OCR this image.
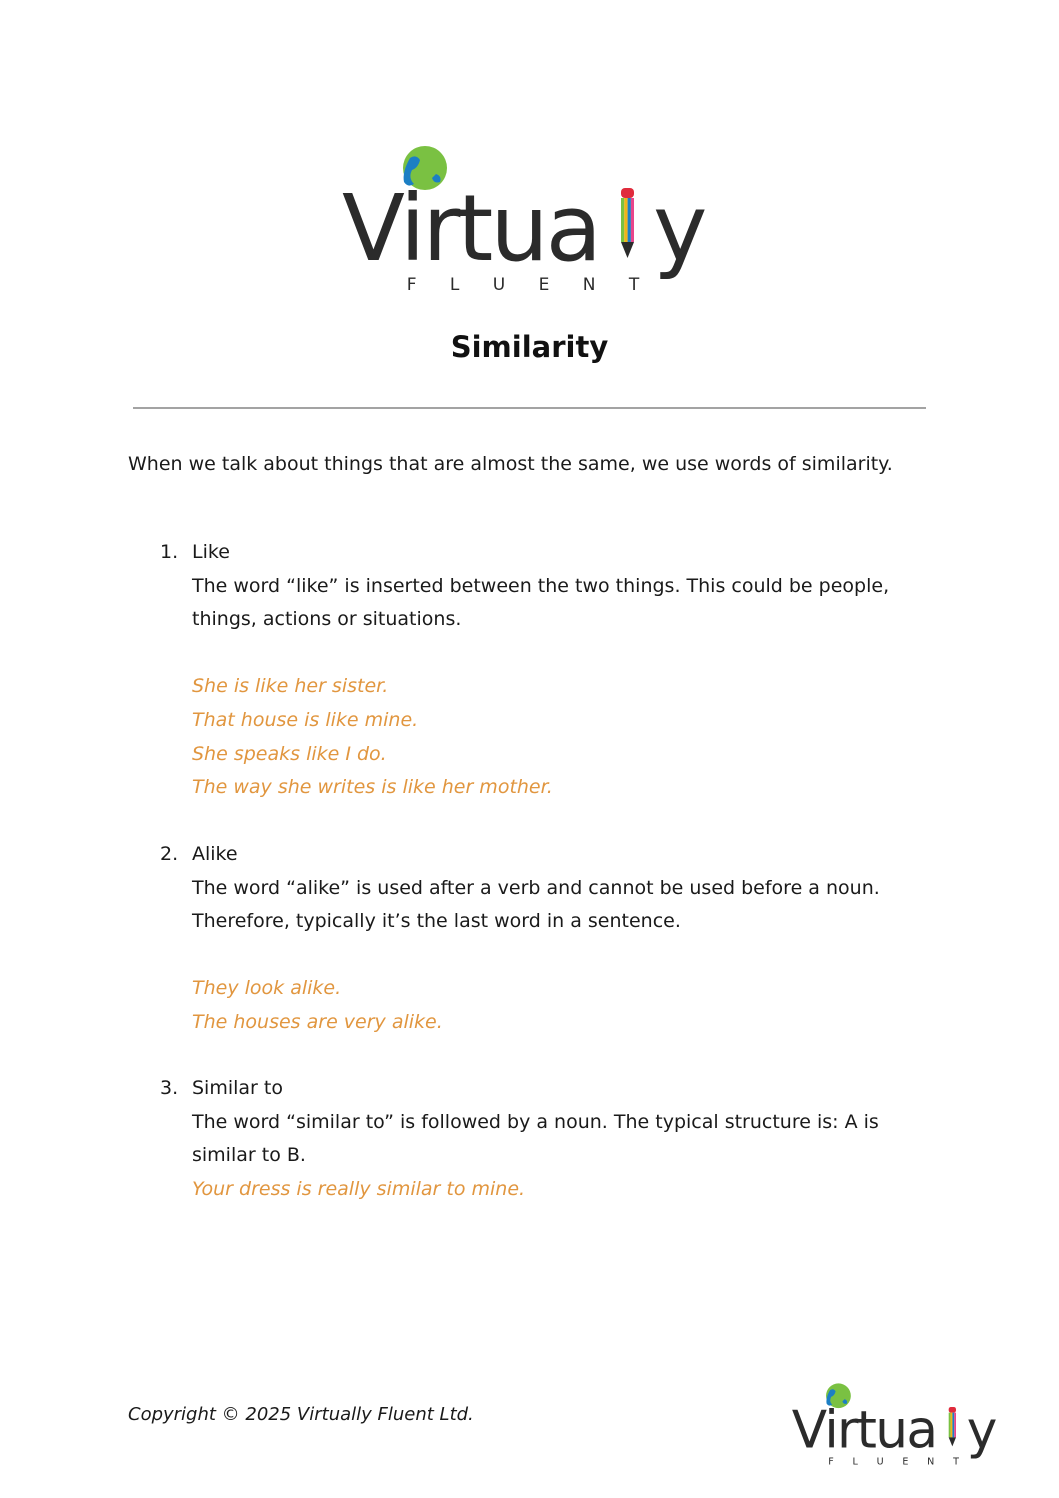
Virtua y
F L U E N T
Similarity

When we talk about things that are almost the same, we use words of similarity.

1. Like

The word “like” is inserted between the two things. This could be people, things, actions or situations.

She is like her sister.

That house is like mine.

She speaks like I do.

The way she writes is like her mother.

2. Alike

The word “alike” is used after a verb and cannot be used before a noun. Therefore, typically it’s the last word in a sentence.

They look alike.

The houses are very alike.

3. Similar to

The word “similar to” is followed by a noun. The typical structure is: A is similar to B.

Your dress is really similar to mine.

Copyright © 2025 Virtually Fluent Ltd.	Virtua y
F L U E N T
